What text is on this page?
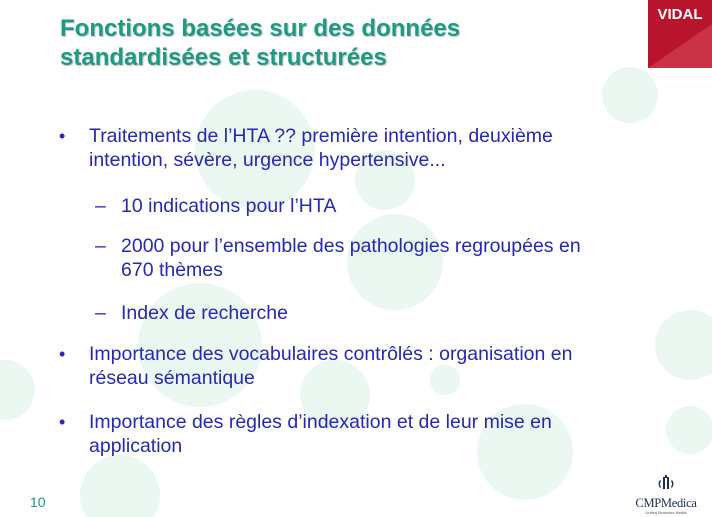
Fonctions basées sur des données
standardisées et structurées
VIDAL
• Traitements de l’HTA ?? première intention, deuxième
intention, sévère, urgence hypertensive...
– 10 indications pour l’HTA
– 2000 pour l’ensemble des pathologies regroupées en
670 thèmes
– Index de recherche
• Importance des vocabulaires contrôlés : organisation en
réseau sémantique
• Importance des règles d’indexation et de leur mise en
application
10	CMPMedica
United Business Media
